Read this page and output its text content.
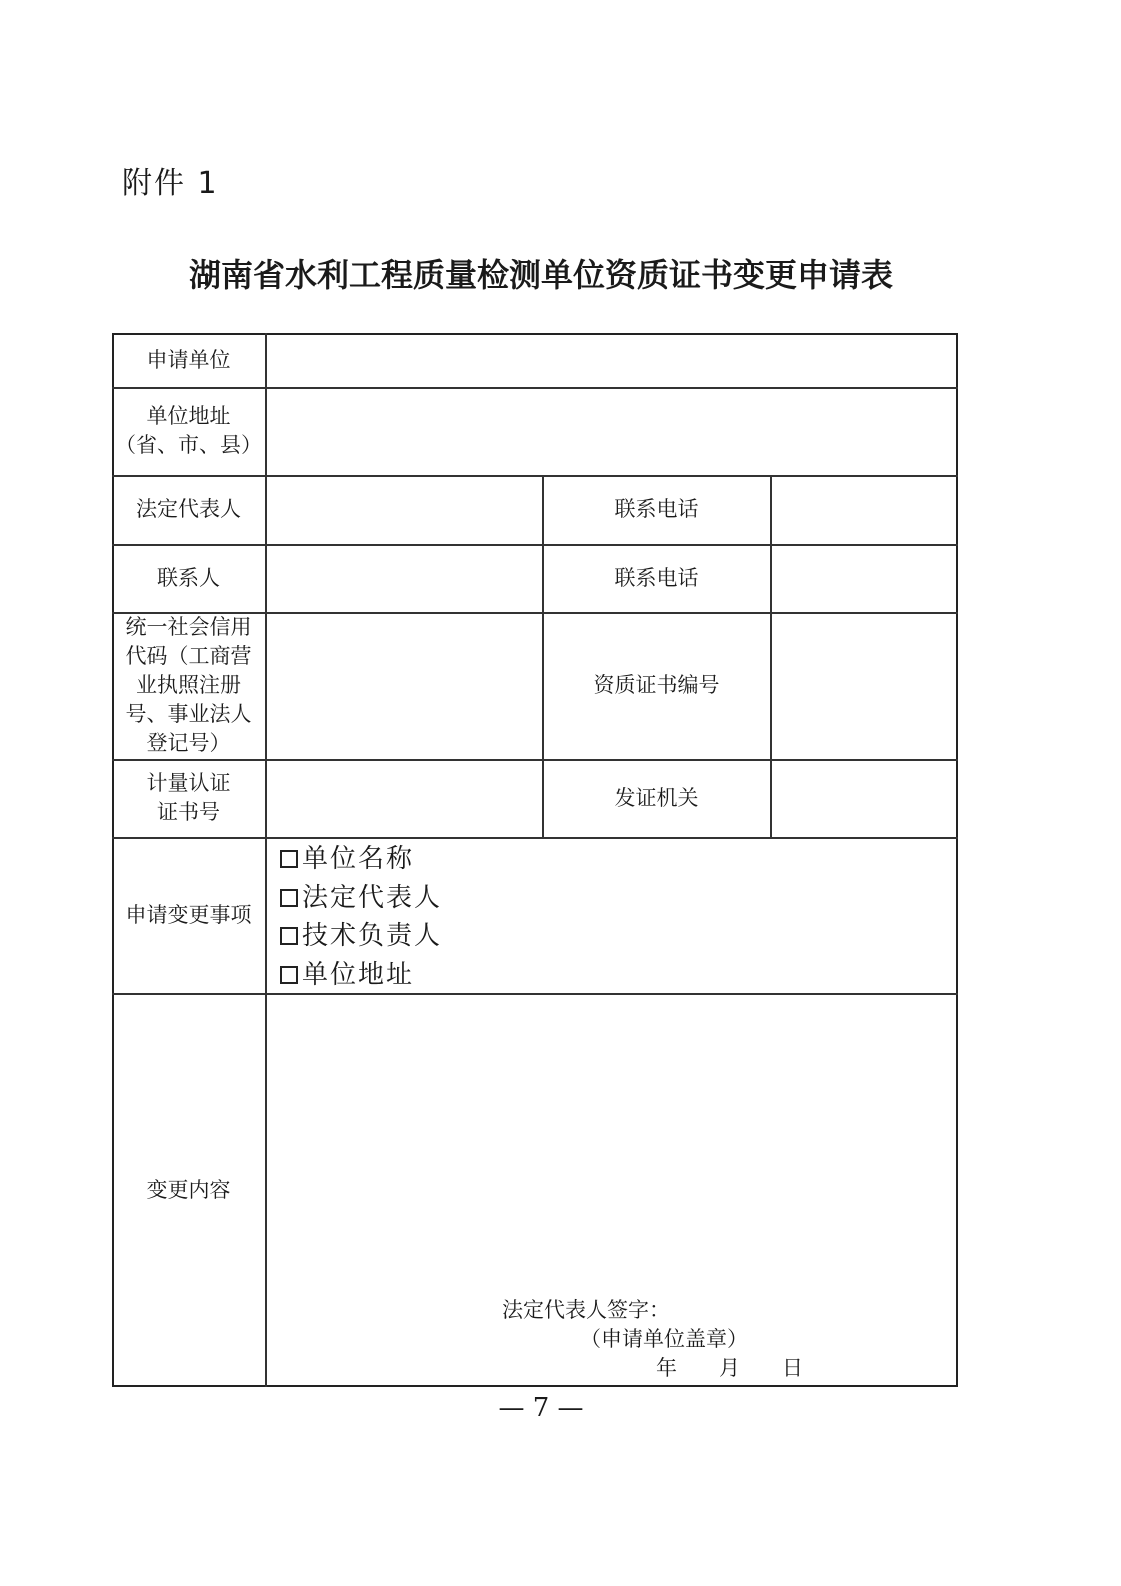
附件 1
湖南省水利工程质量检测单位资质证书变更申请表
申请单位
单位地址
（省、市、县）
法定代表人	联系电话
联系人	联系电话
统一社会信用
代码（工商营
业执照注册
号、事业法人
登记号）
资质证书编号
计量认证
证书号
发证机关
申请变更事项
单位名称
法定代表人
技术负责人
单位地址
变更内容
法定代表人签字：
（申请单位盖章）
年　　月　　日
— 7 —
